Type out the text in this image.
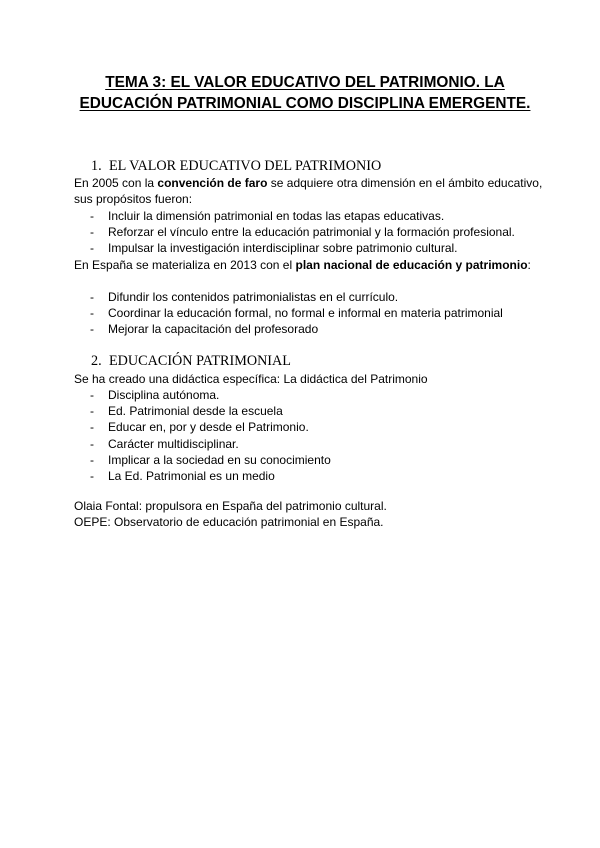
TEMA 3: EL VALOR EDUCATIVO DEL PATRIMONIO. LA EDUCACIÓN PATRIMONIAL COMO DISCIPLINA EMERGENTE.
1. EL VALOR EDUCATIVO DEL PATRIMONIO
En 2005 con la convención de faro se adquiere otra dimensión en el ámbito educativo, sus propósitos fueron:
- Incluir la dimensión patrimonial en todas las etapas educativas.
- Reforzar el vínculo entre la educación patrimonial y la formación profesional.
- Impulsar la investigación interdisciplinar sobre patrimonio cultural.
En España se materializa en 2013 con el plan nacional de educación y patrimonio:
- Difundir los contenidos patrimonialistas en el currículo.
- Coordinar la educación formal, no formal e informal en materia patrimonial
- Mejorar la capacitación del profesorado
2. EDUCACIÓN PATRIMONIAL
Se ha creado una didáctica específica: La didáctica del Patrimonio
- Disciplina autónoma.
- Ed. Patrimonial desde la escuela
- Educar en, por y desde el Patrimonio.
- Carácter multidisciplinar.
- Implicar a la sociedad en su conocimiento
- La Ed. Patrimonial es un medio
Olaia Fontal: propulsora en España del patrimonio cultural.
OEPE: Observatorio de educación patrimonial en España.
